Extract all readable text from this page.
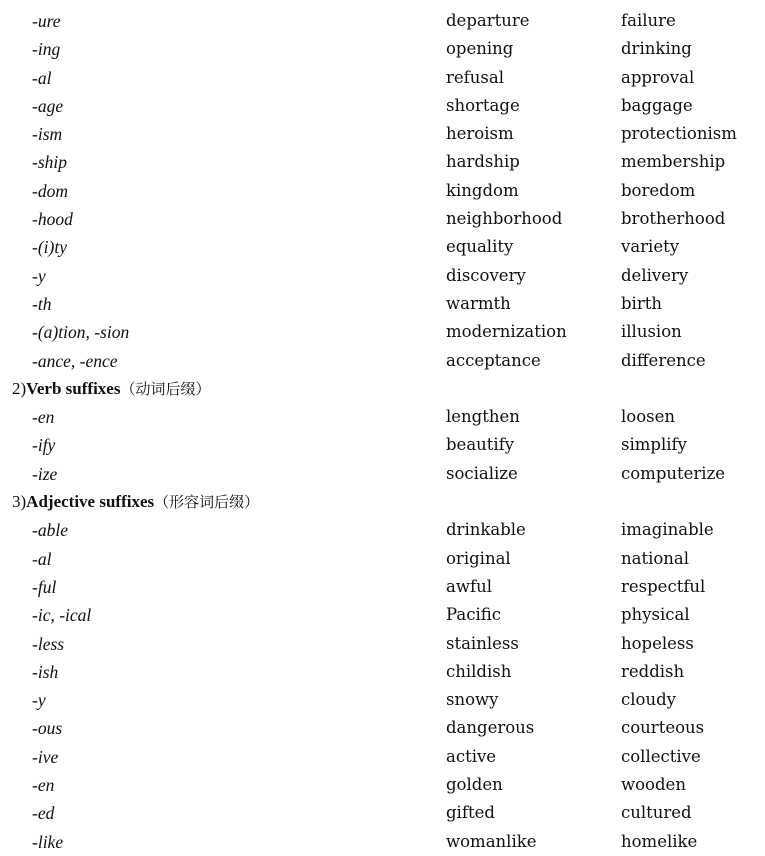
-ure	departure	failure
-ing	opening	drinking
-al	refusal	approval
-age	shortage	baggage
-ism	heroism	protectionism
-ship	hardship	membership
-dom	kingdom	boredom
-hood	neighborhood	brotherhood
-(i)ty	equality	variety
-y	discovery	delivery
-th	warmth	birth
-(a)tion, -sion	modernization	illusion
-ance, -ence	acceptance	difference
2)Verb suffixes（动词后缀）
-en	lengthen	loosen
-ify	beautify	simplify
-ize	socialize	computerize
3)Adjective suffixes（形容词后缀）
-able	drinkable	imaginable
-al	original	national
-ful	awful	respectful
-ic, -ical	Pacific	physical
-less	stainless	hopeless
-ish	childish	reddish
-y	snowy	cloudy
-ous	dangerous	courteous
-ive	active	collective
-en	golden	wooden
-ed	gifted	cultured
-like	womanlike	homelike
